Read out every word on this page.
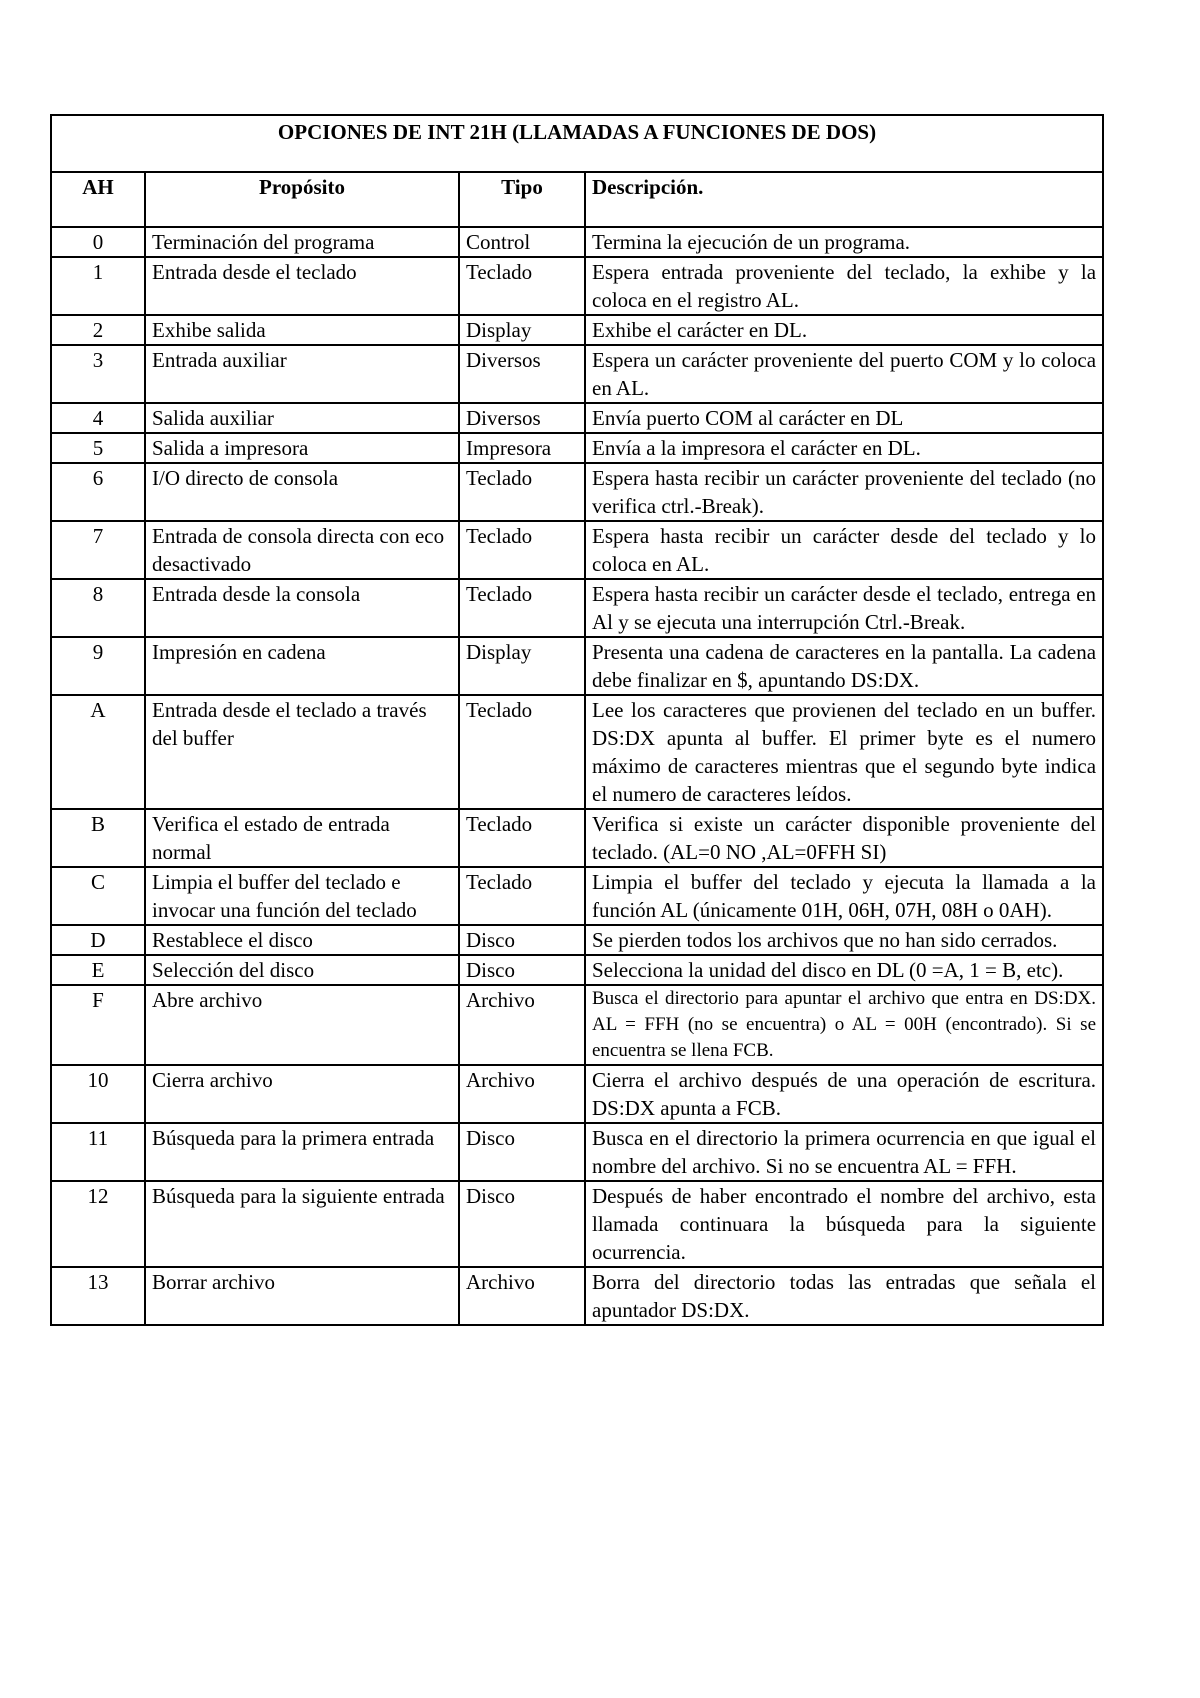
OPCIONES DE INT 21H (LLAMADAS A FUNCIONES DE DOS)			
AH	Propósito	Tipo	Descripción.
0	Terminación del programa	Control	Termina la ejecución de un programa.
1	Entrada desde el teclado	Teclado	Espera entrada proveniente del teclado, la exhibe y la coloca en el registro AL.
2	Exhibe salida	Display	Exhibe el carácter en DL.
3	Entrada auxiliar	Diversos	Espera un carácter proveniente del puerto COM y lo coloca en AL.
4	Salida auxiliar	Diversos	Envía puerto COM al carácter en DL
5	Salida a impresora	Impresora	Envía a la impresora el carácter en DL.
6	I/O directo de consola	Teclado	Espera hasta recibir un carácter proveniente del teclado (no verifica ctrl.-Break).
7	Entrada de consola directa con eco desactivado	Teclado	Espera hasta recibir un carácter desde del teclado y lo coloca en AL.
8	Entrada desde la consola	Teclado	Espera hasta recibir un carácter desde el teclado, entrega en Al y se ejecuta una interrupción Ctrl.-Break.
9	Impresión en cadena	Display	Presenta una cadena de caracteres en la pantalla. La cadena debe finalizar en $, apuntando DS:DX.
A	Entrada desde el teclado a través del buffer	Teclado	Lee los caracteres que provienen del teclado en un buffer. DS:DX apunta al buffer. El primer byte es el numero máximo de caracteres mientras que el segundo byte indica el numero de caracteres leídos.
B	Verifica el estado de entrada normal	Teclado	Verifica si existe un carácter disponible proveniente del teclado. (AL=0 NO ,AL=0FFH SI)
C	Limpia el buffer del teclado e invocar una función del teclado	Teclado	Limpia el buffer del teclado y ejecuta la llamada a la función AL (únicamente 01H, 06H, 07H, 08H o 0AH).
D	Restablece el disco	Disco	Se pierden todos los archivos que no han sido cerrados.
E	Selección del disco	Disco	Selecciona la unidad del disco en DL (0 =A, 1 = B, etc).
F	Abre archivo	Archivo	Busca el directorio para apuntar el archivo que entra en DS:DX. AL = FFH (no se encuentra) o AL = 00H (encontrado). Si se encuentra se llena FCB.
10	Cierra archivo	Archivo	Cierra el archivo después de una operación de escritura. DS:DX apunta a FCB.
11	Búsqueda para la primera entrada	Disco	Busca en el directorio la primera ocurrencia en que igual el nombre del archivo. Si no se encuentra AL = FFH.
12	Búsqueda para la siguiente entrada	Disco	Después de haber encontrado el nombre del archivo, esta llamada continuara la búsqueda para la siguiente ocurrencia.
13	Borrar archivo	Archivo	Borra del directorio todas las entradas que señala el apuntador DS:DX.
